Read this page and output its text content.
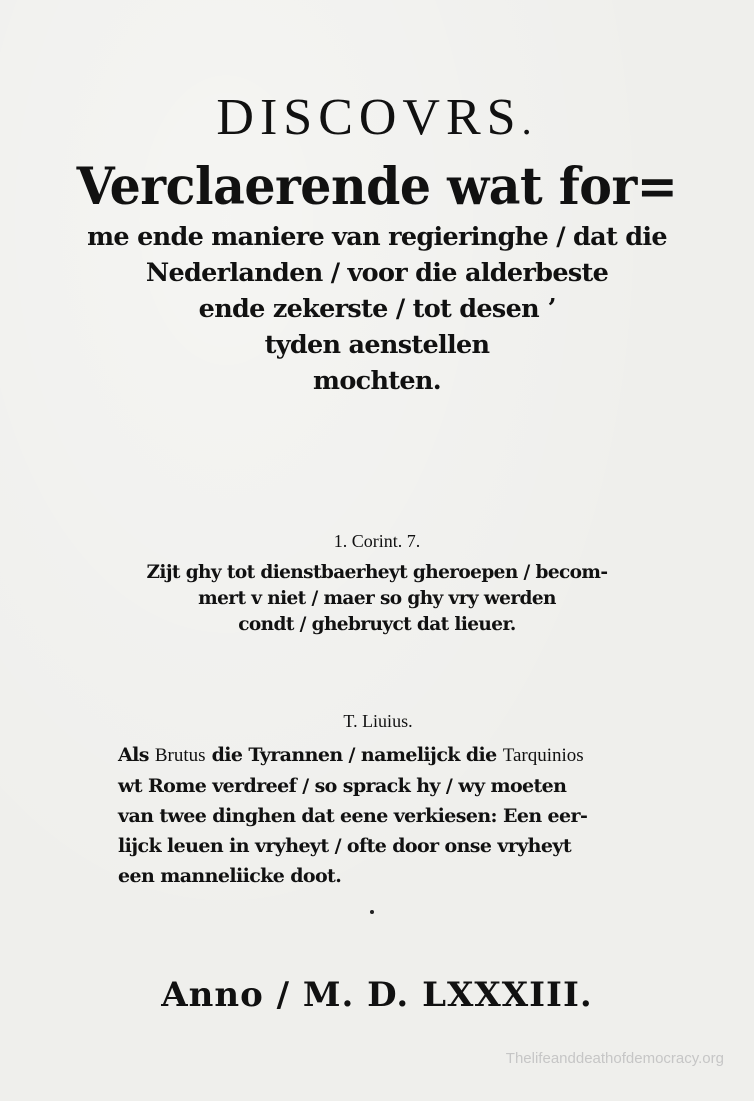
DISCOVRS.

Verclaerende wat for=

me ende maniere van regieringhe / dat die

Nederlanden / voor die alderbeste

ende zekerste / tot desen ʼ

tyden aenstellen

mochten.

1. Corint. 7.

Zijt ghy tot dienstbaerheyt gheroepen / becom-

mert v niet / maer so ghy vry werden

condt / ghebruyct dat lieuer.

T. Liuius.

Als Brutus die Tyrannen / namelijck die Tarquinios

wt Rome verdreef / so sprack hy / wy moeten

van twee dinghen dat eene verkiesen: Een eer-

lijck leuen in vryheyt / ofte door onse vryheyt

een manneliicke doot.

Anno / M. D. LXXXIII.

Thelifeanddeathofdemocracy.org
